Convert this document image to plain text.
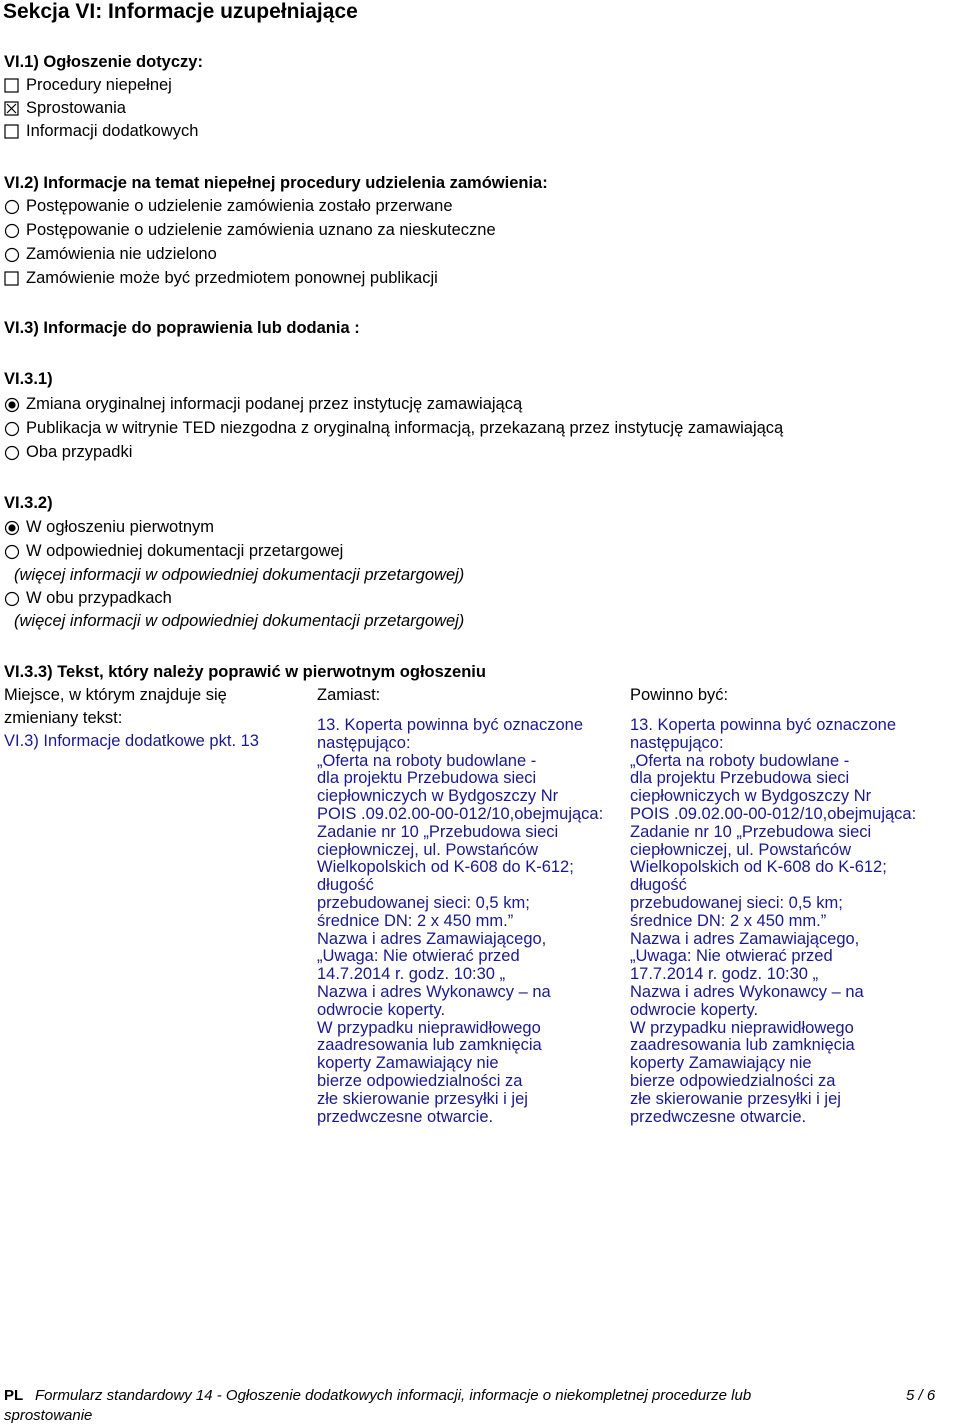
Sekcja VI: Informacje uzupełniające
VI.1) Ogłoszenie dotyczy:
Procedury niepełnej
Sprostowania
Informacji dodatkowych
VI.2) Informacje na temat niepełnej procedury udzielenia zamówienia:
Postępowanie o udzielenie zamówienia zostało przerwane
Postępowanie o udzielenie zamówienia uznano za nieskuteczne
Zamówienia nie udzielono
Zamówienie może być przedmiotem ponownej publikacji
VI.3) Informacje do poprawienia lub dodania :
VI.3.1)
Zmiana oryginalnej informacji podanej przez instytucję zamawiającą
Publikacja w witrynie TED niezgodna z oryginalną informacją, przekazaną przez instytucję zamawiającą
Oba przypadki
VI.3.2)
W ogłoszeniu pierwotnym
W odpowiedniej dokumentacji przetargowej
(więcej informacji w odpowiedniej dokumentacji przetargowej)
W obu przypadkach
(więcej informacji w odpowiedniej dokumentacji przetargowej)
VI.3.3) Tekst, który należy poprawić w pierwotnym ogłoszeniu
Miejsce, w którym znajduje się
zmieniany tekst:
Zamiast:	Powinno być:
VI.3) Informacje dodatkowe pkt. 13
13. Koperta powinna być oznaczone
następująco:
„Oferta na roboty budowlane -
dla projektu Przebudowa sieci
ciepłowniczych w Bydgoszczy Nr
POIS .09.02.00-00-012/10,obejmująca:
Zadanie nr 10 „Przebudowa sieci
ciepłowniczej, ul. Powstańców
Wielkopolskich od K-608 do K-612;
długość
przebudowanej sieci: 0,5 km;
średnice DN: 2 x 450 mm.”
Nazwa i adres Zamawiającego,
„Uwaga: Nie otwierać przed
14.7.2014 r. godz. 10:30 „
Nazwa i adres Wykonawcy – na
odwrocie koperty.
W przypadku nieprawidłowego
zaadresowania lub zamknięcia
koperty Zamawiający nie
bierze odpowiedzialności za
złe skierowanie przesyłki i jej
przedwczesne otwarcie.
13. Koperta powinna być oznaczone
następująco:
„Oferta na roboty budowlane -
dla projektu Przebudowa sieci
ciepłowniczych w Bydgoszczy Nr
POIS .09.02.00-00-012/10,obejmująca:
Zadanie nr 10 „Przebudowa sieci
ciepłowniczej, ul. Powstańców
Wielkopolskich od K-608 do K-612;
długość
przebudowanej sieci: 0,5 km;
średnice DN: 2 x 450 mm.”
Nazwa i adres Zamawiającego,
„Uwaga: Nie otwierać przed
17.7.2014 r. godz. 10:30 „
Nazwa i adres Wykonawcy – na
odwrocie koperty.
W przypadku nieprawidłowego
zaadresowania lub zamknięcia
koperty Zamawiający nie
bierze odpowiedzialności za
złe skierowanie przesyłki i jej
przedwczesne otwarcie.
PL Formularz standardowy 14 - Ogłoszenie dodatkowych informacji, informacje o niekompletnej procedurze lub
sprostowanie
5 / 6
